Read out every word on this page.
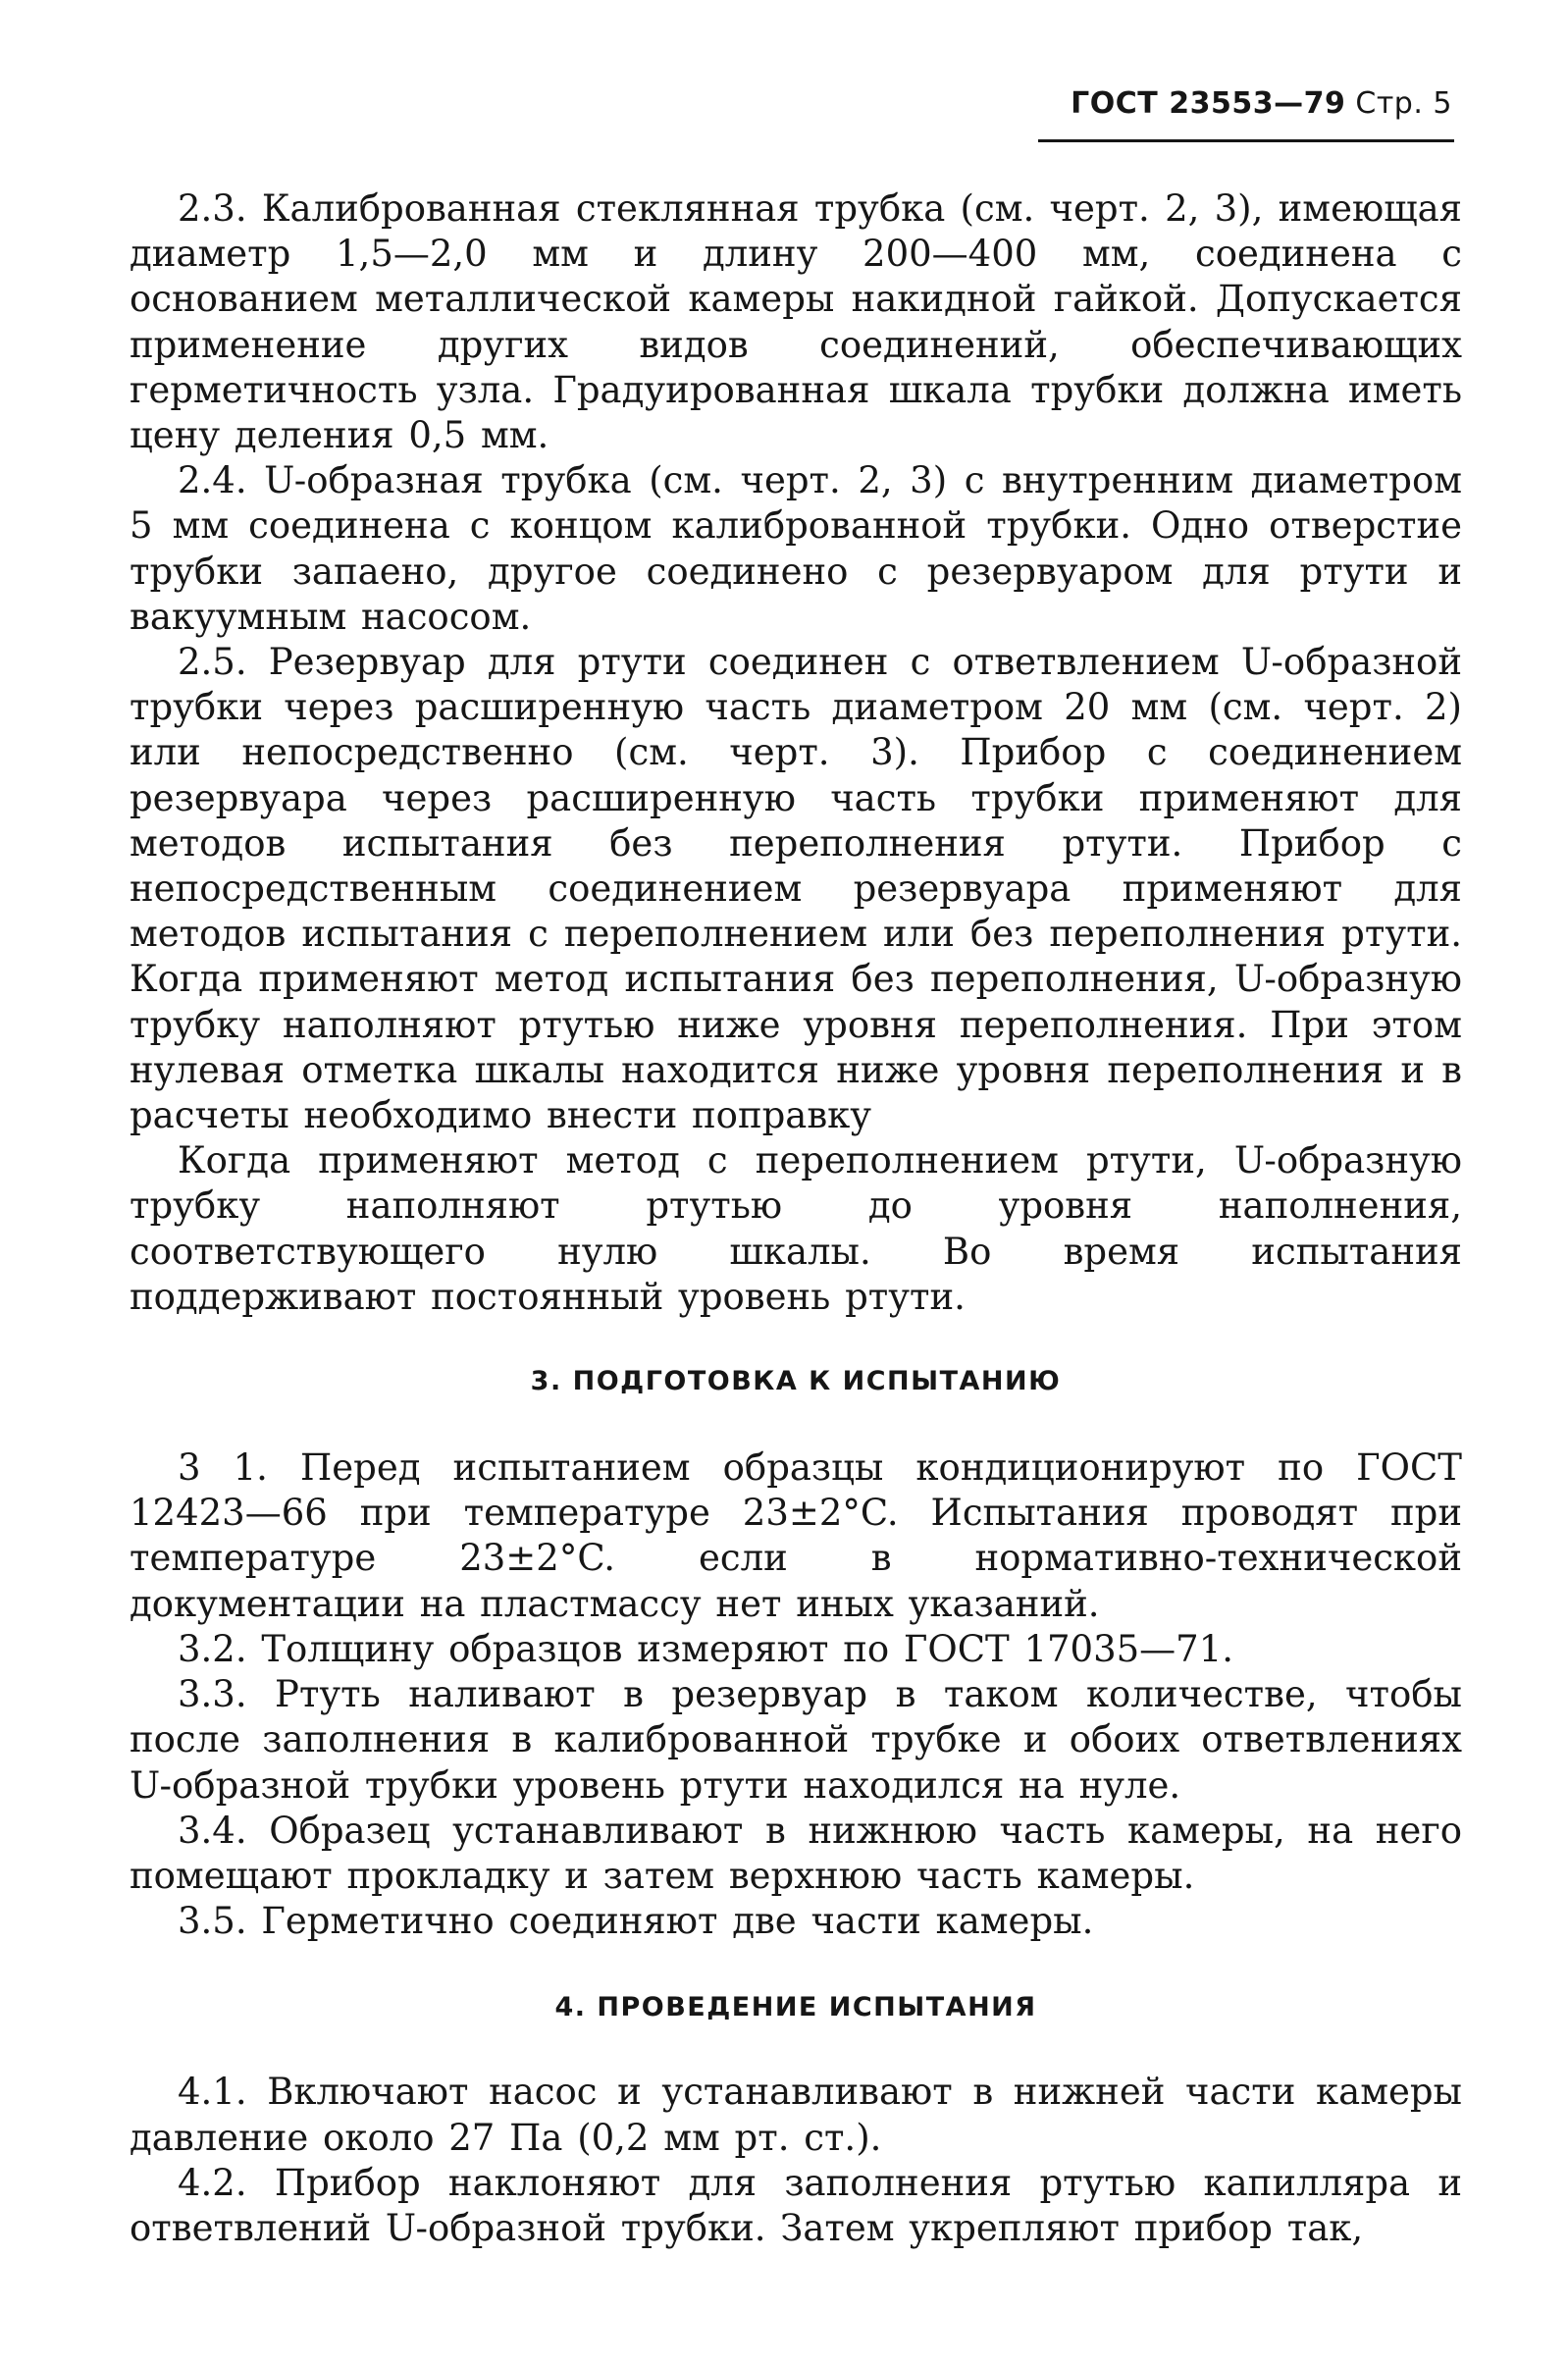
ГОСТ 23553—79 Стр. 5

2.3. Калиброванная стеклянная трубка (см. черт. 2, 3), имеющая диаметр 1,5—2,0 мм и длину 200—400 мм, соединена с основанием металлической камеры накидной гайкой. Допускается применение других видов соединений, обеспечивающих герметичность узла. Градуированная шкала трубки должна иметь цену деления 0,5 мм.

2.4. U-образная трубка (см. черт. 2, 3) с внутренним диаметром 5 мм соединена с концом калиброванной трубки. Одно отверстие трубки запаено, другое соединено с резервуаром для ртути и вакуумным насосом.

2.5. Резервуар для ртути соединен с ответвлением U-образной трубки через расширенную часть диаметром 20 мм (см. черт. 2) или непосредственно (см. черт. 3). Прибор с соединением резервуара через расширенную часть трубки применяют для методов испытания без переполнения ртути. Прибор с непосредственным соединением резервуара применяют для методов испытания с переполнением или без переполнения ртути. Когда применяют метод испытания без переполнения, U-образную трубку наполняют ртутью ниже уровня переполнения. При этом нулевая отметка шкалы находится ниже уровня переполнения и в расчеты необходимо внести поправку

Когда применяют метод с переполнением ртути, U-образную трубку наполняют ртутью до уровня наполнения, соответствующего нулю шкалы. Во время испытания поддерживают постоянный уровень ртути.

3. ПОДГОТОВКА К ИСПЫТАНИЮ

3 1. Перед испытанием образцы кондиционируют по ГОСТ 12423—66 при температуре 23±2°C. Испытания проводят при температуре 23±2°C. если в нормативно-технической документации на пластмассу нет иных указаний.

3.2. Толщину образцов измеряют по ГОСТ 17035—71.

3.3. Ртуть наливают в резервуар в таком количестве, чтобы после заполнения в калиброванной трубке и обоих ответвлениях U-образной трубки уровень ртути находился на нуле.

3.4. Образец устанавливают в нижнюю часть камеры, на него помещают прокладку и затем верхнюю часть камеры.

3.5. Герметично соединяют две части камеры.

4. ПРОВЕДЕНИЕ ИСПЫТАНИЯ

4.1. Включают насос и устанавливают в нижней части камеры давление около 27 Па (0,2 мм рт. ст.).

4.2. Прибор наклоняют для заполнения ртутью капилляра и ответвлений U-образной трубки. Затем укрепляют прибор так,
